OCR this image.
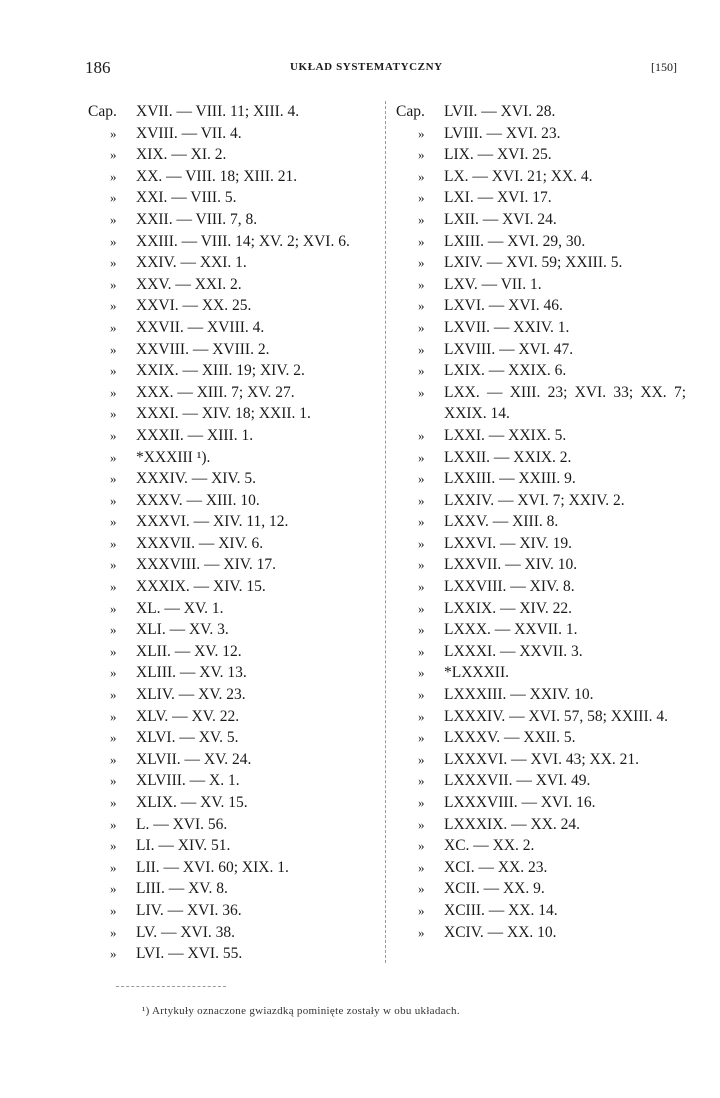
186	UKŁAD SYSTEMATYCZNY	[150]
Cap.	XVII. — VIII. 11; XIII. 4.
»	XVIII. — VII. 4.
»	XIX. — XI. 2.
»	XX. — VIII. 18; XIII. 21.
»	XXI. — VIII. 5.
»	XXII. — VIII. 7, 8.
»	XXIII. — VIII. 14; XV. 2; XVI. 6.
»	XXIV. — XXI. 1.
»	XXV. — XXI. 2.
»	XXVI. — XX. 25.
»	XXVII. — XVIII. 4.
»	XXVIII. — XVIII. 2.
»	XXIX. — XIII. 19; XIV. 2.
»	XXX. — XIII. 7; XV. 27.
»	XXXI. — XIV. 18; XXII. 1.
»	XXXII. — XIII. 1.
»	*XXXIII ¹).
»	XXXIV. — XIV. 5.
»	XXXV. — XIII. 10.
»	XXXVI. — XIV. 11, 12.
»	XXXVII. — XIV. 6.
»	XXXVIII. — XIV. 17.
»	XXXIX. — XIV. 15.
»	XL. — XV. 1.
»	XLI. — XV. 3.
»	XLII. — XV. 12.
»	XLIII. — XV. 13.
»	XLIV. — XV. 23.
»	XLV. — XV. 22.
»	XLVI. — XV. 5.
»	XLVII. — XV. 24.
»	XLVIII. — X. 1.
»	XLIX. — XV. 15.
»	L. — XVI. 56.
»	LI. — XIV. 51.
»	LII. — XVI. 60; XIX. 1.
»	LIII. — XV. 8.
»	LIV. — XVI. 36.
»	LV. — XVI. 38.
»	LVI. — XVI. 55.
Cap.	LVII. — XVI. 28.
»	LVIII. — XVI. 23.
»	LIX. — XVI. 25.
»	LX. — XVI. 21; XX. 4.
»	LXI. — XVI. 17.
»	LXII. — XVI. 24.
»	LXIII. — XVI. 29, 30.
»	LXIV. — XVI. 59; XXIII. 5.
»	LXV. — VII. 1.
»	LXVI. — XVI. 46.
»	LXVII. — XXIV. 1.
»	LXVIII. — XVI. 47.
»	LXIX. — XXIX. 6.
»	LXX. — XIII. 23; XVI. 33; XX. 7; XXIX. 14.
»	LXXI. — XXIX. 5.
»	LXXII. — XXIX. 2.
»	LXXIII. — XXIII. 9.
»	LXXIV. — XVI. 7; XXIV. 2.
»	LXXV. — XIII. 8.
»	LXXVI. — XIV. 19.
»	LXXVII. — XIV. 10.
»	LXXVIII. — XIV. 8.
»	LXXIX. — XIV. 22.
»	LXXX. — XXVII. 1.
»	LXXXI. — XXVII. 3.
»	*LXXXII.
»	LXXXIII. — XXIV. 10.
»	LXXXIV. — XVI. 57, 58; XXIII. 4.
»	LXXXV. — XXII. 5.
»	LXXXVI. — XVI. 43; XX. 21.
»	LXXXVII. — XVI. 49.
»	LXXXVIII. — XVI. 16.
»	LXXXIX. — XX. 24.
»	XC. — XX. 2.
»	XCI. — XX. 23.
»	XCII. — XX. 9.
»	XCIII. — XX. 14.
»	XCIV. — XX. 10.
¹) Artykuły oznaczone gwiazdką pominięte zostały w obu układach.
